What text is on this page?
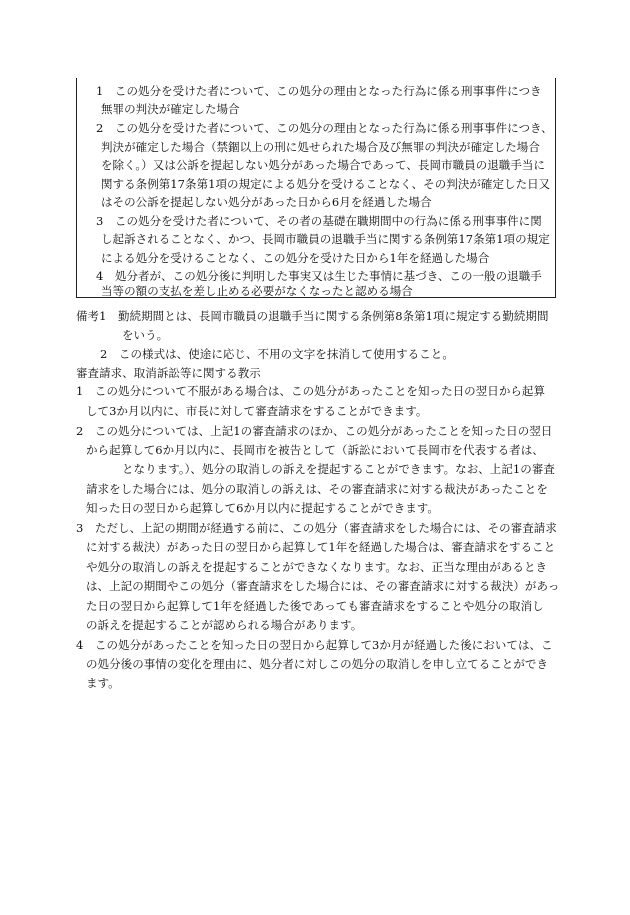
1　この処分を受けた者について、この処分の理由となった行為に係る刑事事件につき
無罪の判決が確定した場合
2　この処分を受けた者について、この処分の理由となった行為に係る刑事事件につき、
判決が確定した場合（禁錮以上の刑に処せられた場合及び無罪の判決が確定した場合
を除く。）又は公訴を提起しない処分があった場合であって、長岡市職員の退職手当に
関する条例第17条第1項の規定による処分を受けることなく、その判決が確定した日又
はその公訴を提起しない処分があった日から6月を経過した場合
3　この処分を受けた者について、その者の基礎在職期間中の行為に係る刑事事件に関
し起訴されることなく、かつ、長岡市職員の退職手当に関する条例第17条第1項の規定
による処分を受けることなく、この処分を受けた日から1年を経過した場合
4　処分者が、この処分後に判明した事実又は生じた事情に基づき、この一般の退職手
当等の額の支払を差し止める必要がなくなったと認める場合
備考1　勤続期間とは、長岡市職員の退職手当に関する条例第8条第1項に規定する勤続期間
をいう。
2　この様式は、使途に応じ、不用の文字を抹消して使用すること。
審査請求、取消訴訟等に関する教示
1　この処分について不服がある場合は、この処分があったことを知った日の翌日から起算
して3か月以内に、市長に対して審査請求をすることができます。
2　この処分については、上記1の審査請求のほか、この処分があったことを知った日の翌日
から起算して6か月以内に、長岡市を被告として（訴訟において長岡市を代表する者は、
となります。）、処分の取消しの訴えを提起することができます。なお、上記1の審査
請求をした場合には、処分の取消しの訴えは、その審査請求に対する裁決があったことを
知った日の翌日から起算して6か月以内に提起することができます。
3　ただし、上記の期間が経過する前に、この処分（審査請求をした場合には、その審査請求
に対する裁決）があった日の翌日から起算して1年を経過した場合は、審査請求をすること
や処分の取消しの訴えを提起することができなくなります。なお、正当な理由があるとき
は、上記の期間やこの処分（審査請求をした場合には、その審査請求に対する裁決）があっ
た日の翌日から起算して1年を経過した後であっても審査請求をすることや処分の取消し
の訴えを提起することが認められる場合があります。
4　この処分があったことを知った日の翌日から起算して3か月が経過した後においては、こ
の処分後の事情の変化を理由に、処分者に対しこの処分の取消しを申し立てることができ
ます。
